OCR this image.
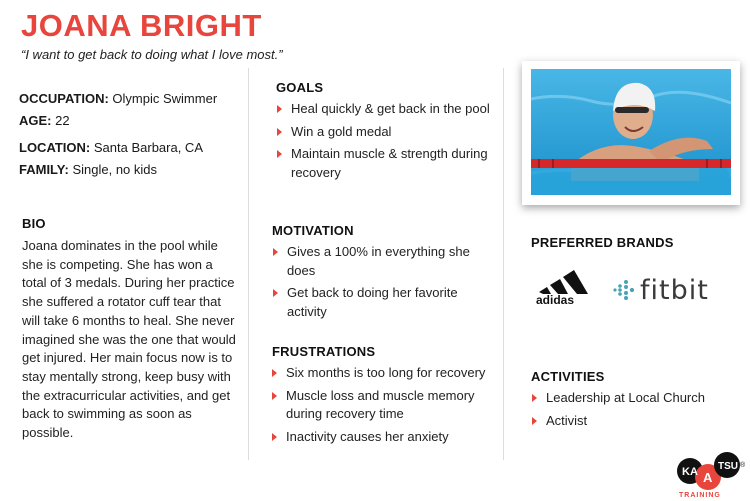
JOANA BRIGHT
“I want to get back to doing what I love most.”
OCCUPATION: Olympic Swimmer
AGE: 22
LOCATION: Santa Barbara, CA
FAMILY: Single, no kids
BIO
Joana dominates in the pool while she is competing. She has won a total of 3 medals. During her practice she suffered a rotator cuff tear that will take 6 months to heal. She never imagined she was the one that would get injured. Her main focus now is to stay mentally strong, keep busy with the extracurricular activities, and get back to swimming as soon as possible.
GOALS
Heal quickly & get back in the pool
Win a gold medal
Maintain muscle & strength during recovery
MOTIVATION
Gives a 100% in everything she does
Get back to doing her favorite activity
FRUSTRATIONS
Six months is too long for recovery
Muscle loss and muscle memory during recovery time
Inactivity causes her anxiety
PREFERRED BRANDS
adidas fitbit
ACTIVITIES
Leadership at Local Church
Activist
KA A
TSU ®
TRAINING
